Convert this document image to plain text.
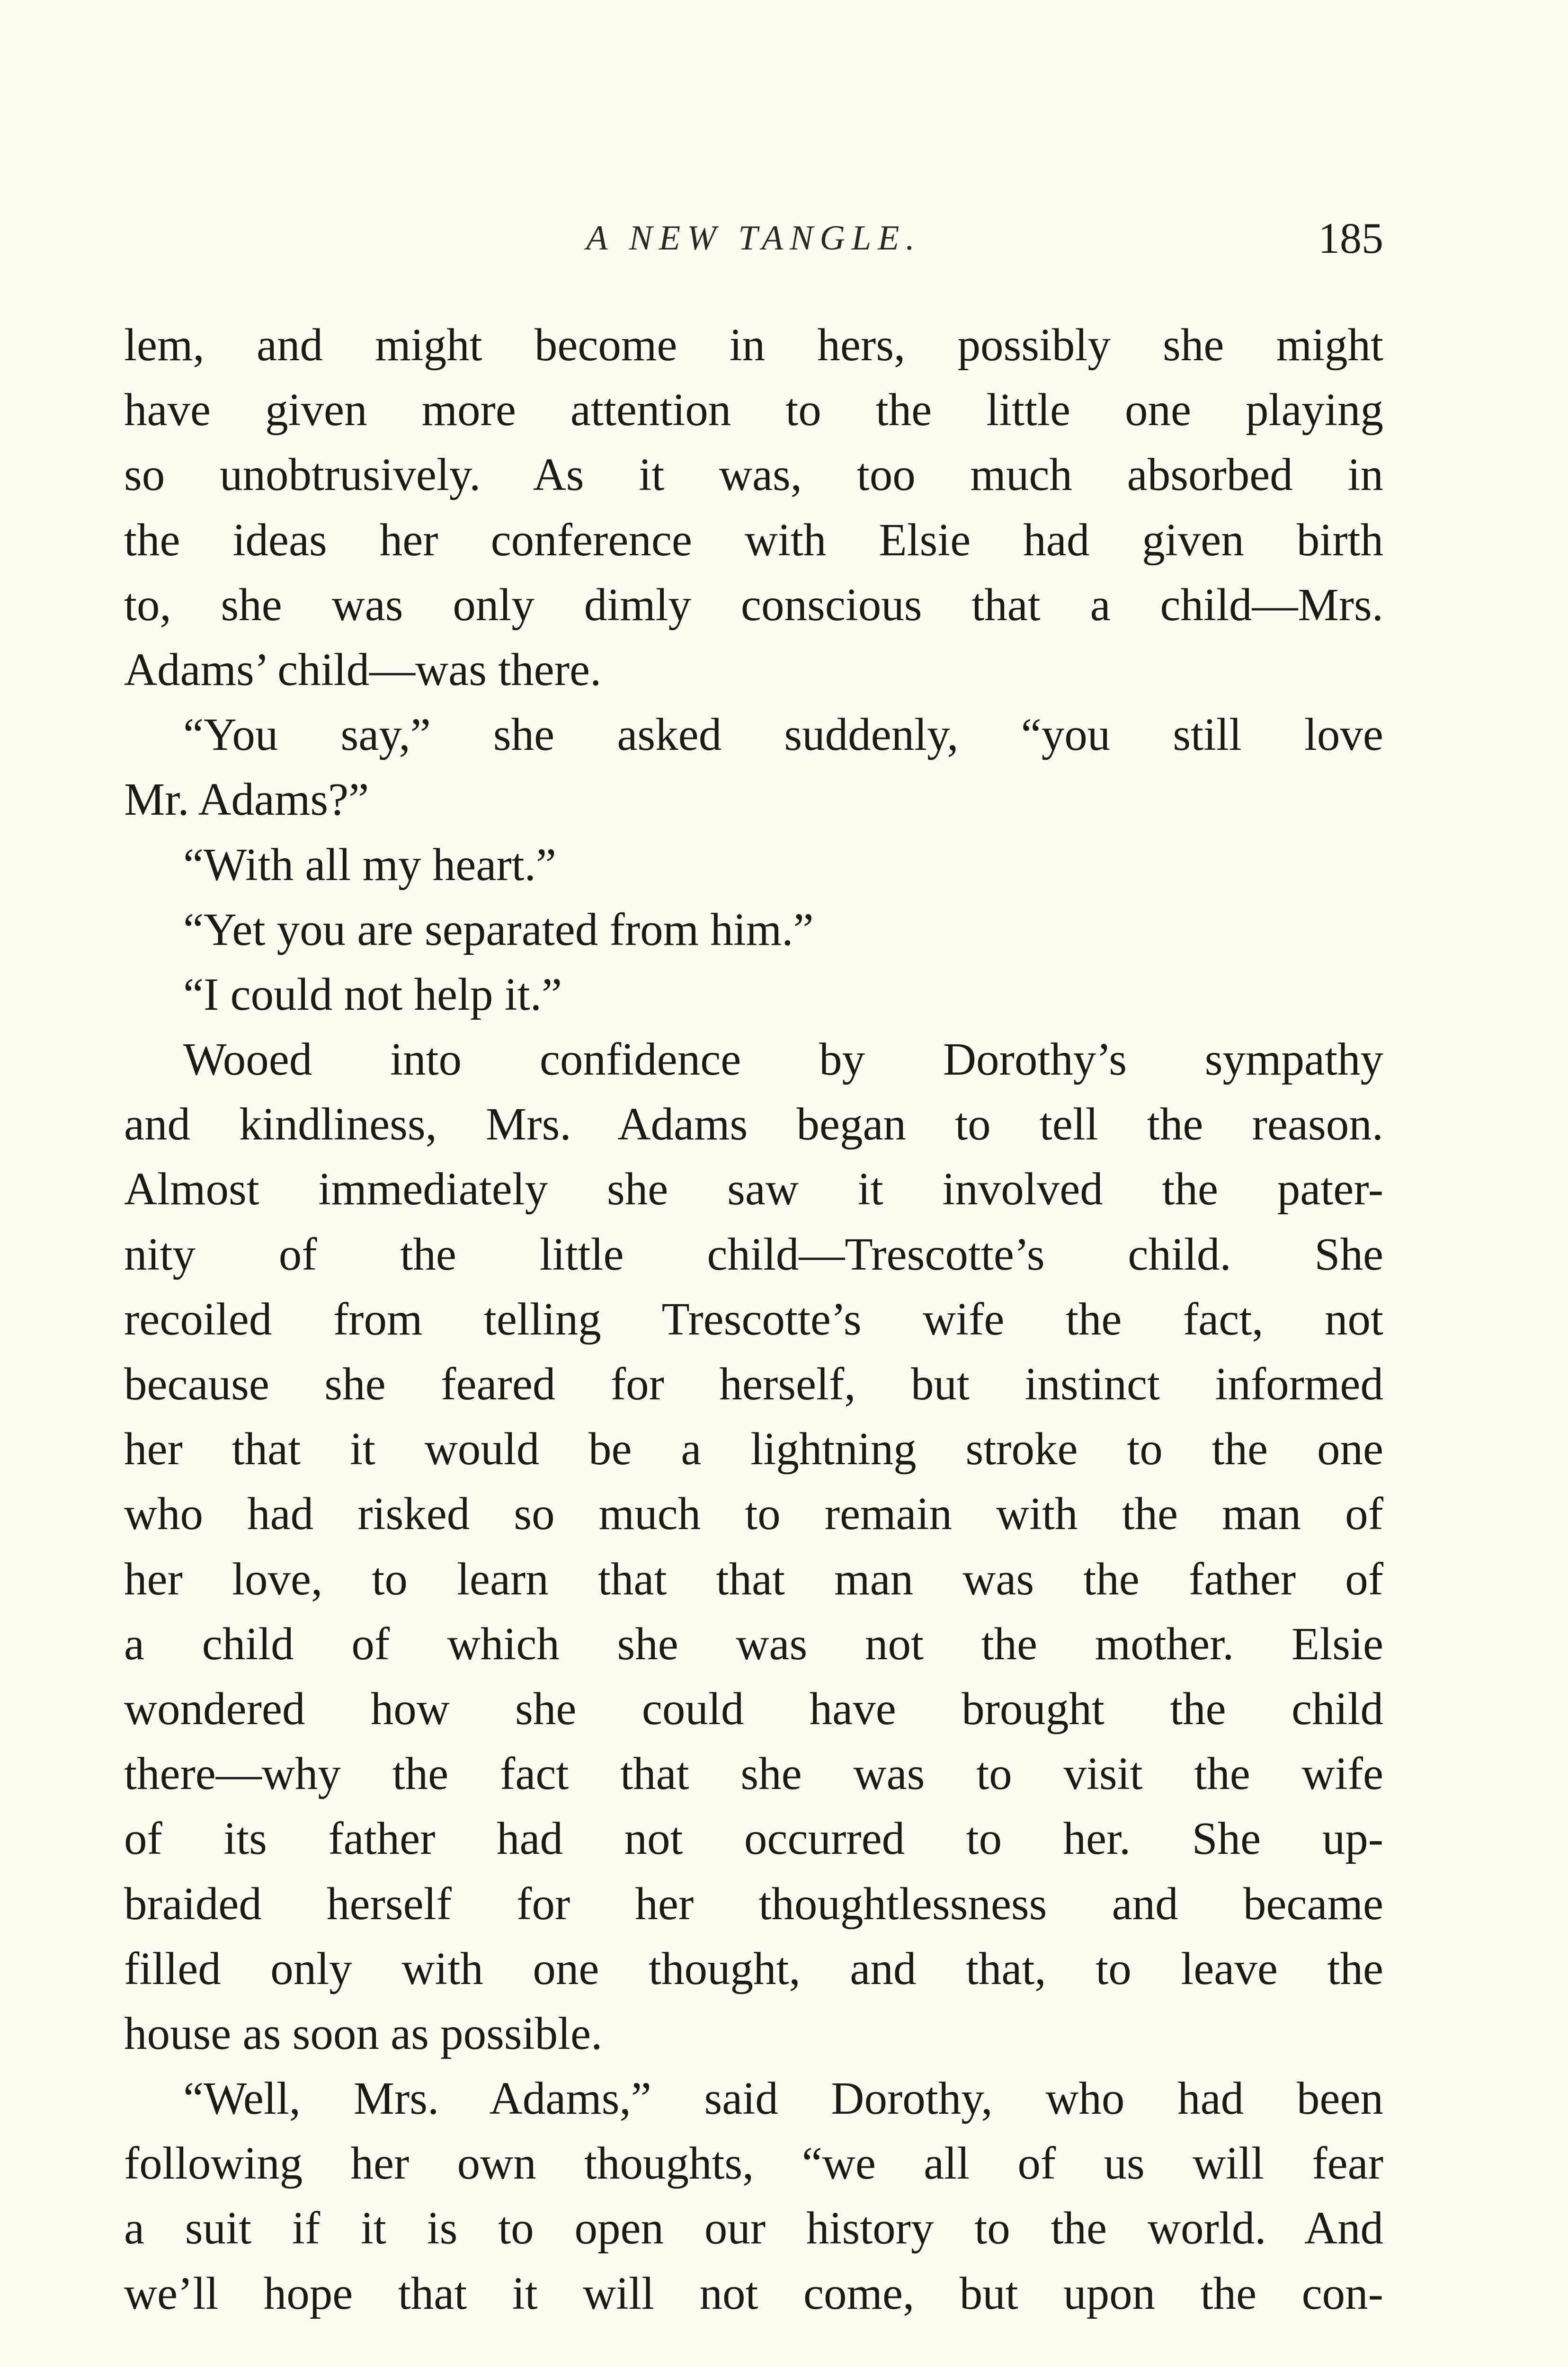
A NEW TANGLE.	185
lem, and might become in hers, possibly she might
have given more attention to the little one playing
so unobtrusively. As it was, too much absorbed in
the ideas her conference with Elsie had given birth
to, she was only dimly conscious that a child—Mrs.
Adams’ child—was there.
“You say,” she asked suddenly, “you still love
Mr. Adams?”
“With all my heart.”
“Yet you are separated from him.”
“I could not help it.”
Wooed into confidence by Dorothy’s sympathy
and kindliness, Mrs. Adams began to tell the reason.
Almost immediately she saw it involved the pater-
nity of the little child—Trescotte’s child. She
recoiled from telling Trescotte’s wife the fact, not
because she feared for herself, but instinct informed
her that it would be a lightning stroke to the one
who had risked so much to remain with the man of
her love, to learn that that man was the father of
a child of which she was not the mother. Elsie
wondered how she could have brought the child
there—why the fact that she was to visit the wife
of its father had not occurred to her. She up-
braided herself for her thoughtlessness and became
filled only with one thought, and that, to leave the
house as soon as possible.
“Well, Mrs. Adams,” said Dorothy, who had been
following her own thoughts, “we all of us will fear
a suit if it is to open our history to the world. And
we’ll hope that it will not come, but upon the con-
